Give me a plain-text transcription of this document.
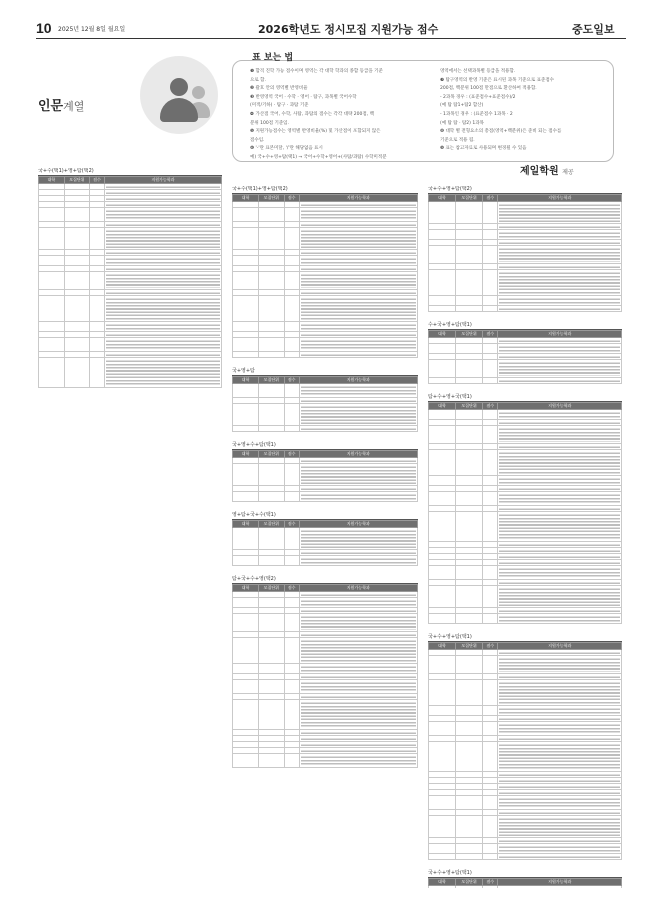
10 2025년 12월 8일 월요일	2026학년도 정시모집 지원가능 점수	중도일보
인문계열
표 보는 법
❶ 합격 진학 가능 점수이며 영역는 각 대학 학과의 종합 등급을 기준
으로 함.
❷ 괄호 안의 영역별 반영비율
❸ 반영영역 국어 · 수학 · 영어 · 탐구, 과목별 국어수학
(미적/기하) · 탐구 · 과탐 기준
❹ 가산점 국어, 수학, 사탐, 과탐의 점수는 각각 대략 200점, 백
분위 100점 기준임.
❺ 지원가능점수는 영역별 반영비율(%) 및 가산점이 포함되지 않은
점수임.
❻ '-'란 표본미달, '/'란 해당없음 표시
예) 국+수+영+탐(택1) → 국어+수학+영어+(사탐/과탐) 수학미적분
영역에서는 선택과목별 등급을 적용함.
❼ 탐구영역의 반영 기준은 표시된 과목 기준으로 표준점수
200점, 백분위 100점 만점으로 환산하여 적용함.
- 2과목 경우 : (표준점수+표준점수)/2
(예 탐 탐1+탐2 합산)
- 1과목인 경우 : (표준점수 1과목 · 2
(예 탐 탐 · 탐2) 1과목
❽ 대학 별 전형요소의 총점(영역+백분위)은 준비 되는 점수를
기준으로 적용 됨.
❾ 표는 참고자료로 사용되며 변경될 수 있음
제일학원 제공
국+수(택1)+영+탐(택2)
대학	모집단위	점수	지원가능학과

국+수(택1)+영+탐(택2)
대학	모집단위	점수	지원가능학과

국+영+탐
대학	모집단위	점수	지원가능학과

국+영+수+탐(택1)
대학	모집단위	점수	지원가능학과

영+탐+국+수(택1)
대학	모집단위	점수	지원가능학과

탐+국+수+영(택2)
대학	모집단위	점수	지원가능학과

국+수+영+탐(택2)
대학	모집단위	점수	지원가능학과

수+국+영+탐(택1)
대학	모집단위	점수	지원가능학과

탐+수+영+국(택1)
대학	모집단위	점수	지원가능학과

국+수+영+탐(택1)
대학	모집단위	점수	지원가능학과

국+수+영+탐(택1)
대학	모집단위	점수	지원가능학과
